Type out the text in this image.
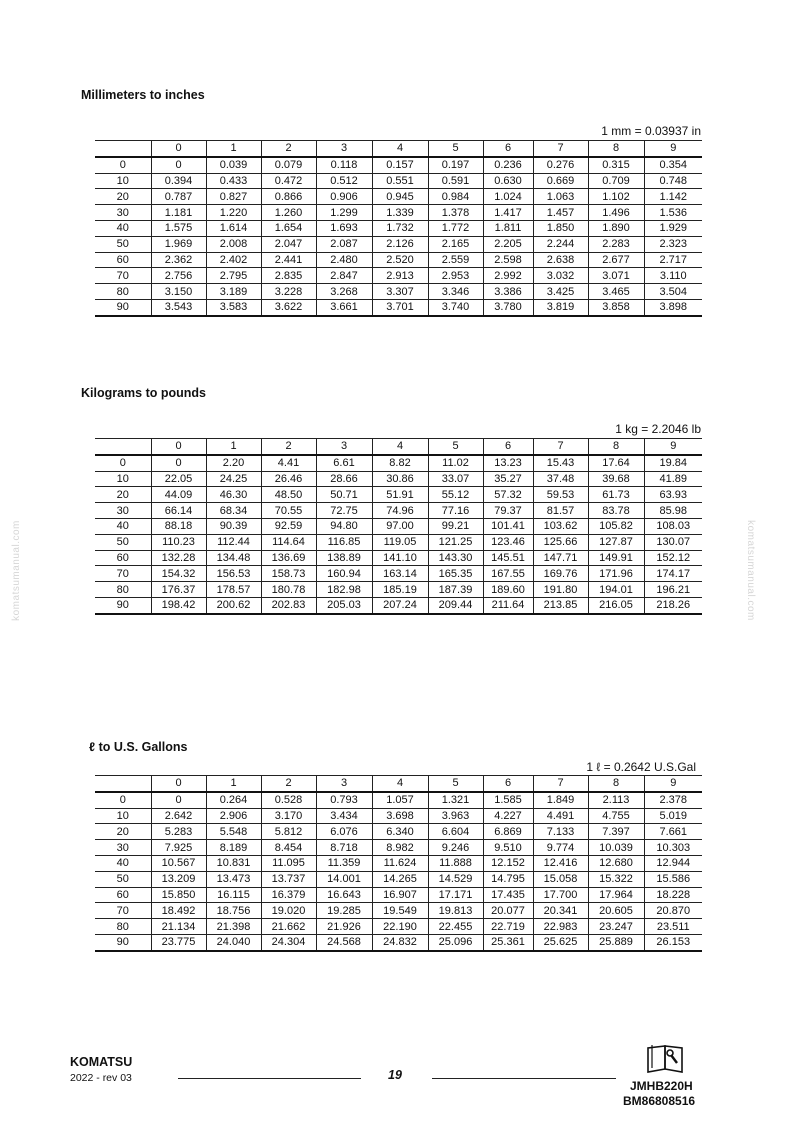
Millimeters to inches
1 mm = 0.03937 in
	0	1	2	3	4	5	6	7	8	9
0	0	0.039	0.079	0.118	0.157	0.197	0.236	0.276	0.315	0.354
10	0.394	0.433	0.472	0.512	0.551	0.591	0.630	0.669	0.709	0.748
20	0.787	0.827	0.866	0.906	0.945	0.984	1.024	1.063	1.102	1.142
30	1.181	1.220	1.260	1.299	1.339	1.378	1.417	1.457	1.496	1.536
40	1.575	1.614	1.654	1.693	1.732	1.772	1.811	1.850	1.890	1.929
50	1.969	2.008	2.047	2.087	2.126	2.165	2.205	2.244	2.283	2.323
60	2.362	2.402	2.441	2.480	2.520	2.559	2.598	2.638	2.677	2.717
70	2.756	2.795	2.835	2.847	2.913	2.953	2.992	3.032	3.071	3.110
80	3.150	3.189	3.228	3.268	3.307	3.346	3.386	3.425	3.465	3.504
90	3.543	3.583	3.622	3.661	3.701	3.740	3.780	3.819	3.858	3.898
Kilograms to pounds
1 kg = 2.2046 lb
	0	1	2	3	4	5	6	7	8	9
0	0	2.20	4.41	6.61	8.82	11.02	13.23	15.43	17.64	19.84
10	22.05	24.25	26.46	28.66	30.86	33.07	35.27	37.48	39.68	41.89
20	44.09	46.30	48.50	50.71	51.91	55.12	57.32	59.53	61.73	63.93
30	66.14	68.34	70.55	72.75	74.96	77.16	79.37	81.57	83.78	85.98
40	88.18	90.39	92.59	94.80	97.00	99.21	101.41	103.62	105.82	108.03
50	110.23	112.44	114.64	116.85	119.05	121.25	123.46	125.66	127.87	130.07
60	132.28	134.48	136.69	138.89	141.10	143.30	145.51	147.71	149.91	152.12
70	154.32	156.53	158.73	160.94	163.14	165.35	167.55	169.76	171.96	174.17
80	176.37	178.57	180.78	182.98	185.19	187.39	189.60	191.80	194.01	196.21
90	198.42	200.62	202.83	205.03	207.24	209.44	211.64	213.85	216.05	218.26
ℓ to U.S. Gallons
1 ℓ = 0.2642 U.S.Gal
	0	1	2	3	4	5	6	7	8	9
0	0	0.264	0.528	0.793	1.057	1.321	1.585	1.849	2.113	2.378
10	2.642	2.906	3.170	3.434	3.698	3.963	4.227	4.491	4.755	5.019
20	5.283	5.548	5.812	6.076	6.340	6.604	6.869	7.133	7.397	7.661
30	7.925	8.189	8.454	8.718	8.982	9.246	9.510	9.774	10.039	10.303
40	10.567	10.831	11.095	11.359	11.624	11.888	12.152	12.416	12.680	12.944
50	13.209	13.473	13.737	14.001	14.265	14.529	14.795	15.058	15.322	15.586
60	15.850	16.115	16.379	16.643	16.907	17.171	17.435	17.700	17.964	18.228
70	18.492	18.756	19.020	19.285	19.549	19.813	20.077	20.341	20.605	20.870
80	21.134	21.398	21.662	21.926	22.190	22.455	22.719	22.983	23.247	23.511
90	23.775	24.040	24.304	24.568	24.832	25.096	25.361	25.625	25.889	26.153
komatsumanual.com	komatsumanual.com
KOMATSU
2022 - rev 03	19
JMHB220H
BM86808516
